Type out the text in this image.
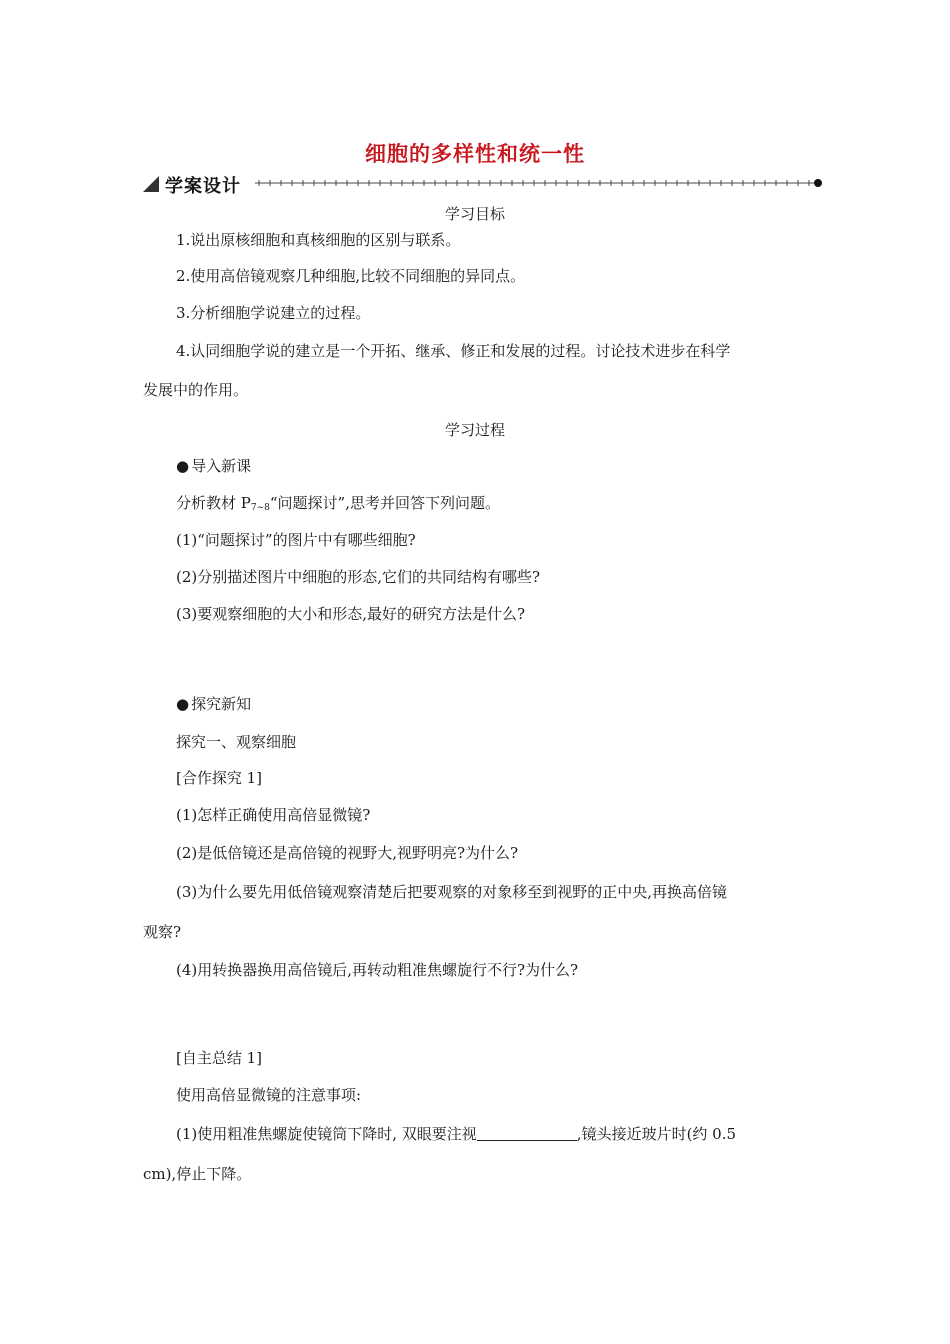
细胞的多样性和统一性
学案设计
学习目标
1.说出原核细胞和真核细胞的区别与联系。
2.使用高倍镜观察几种细胞,比较不同细胞的异同点。
3.分析细胞学说建立的过程。
4.认同细胞学说的建立是一个开拓、继承、修正和发展的过程。讨论技术进步在科学
发展中的作用。
学习过程
● 导入新课
分析教材 $P_{7\sim 8}“$问题探讨”,思考并回答下列问题。
(1)“问题探讨”的图片中有哪些细胞?
(2)分别描述图片中细胞的形态,它们的共同结构有哪些?
(3)要观察细胞的大小和形态,最好的研究方法是什么?
● 探究新知
探究一、观察细胞
[合作探究 1]
(1)怎样正确使用高倍显微镜?
(2)是低倍镜还是高倍镜的视野大,视野明亮?为什么?
(3)为什么要先用低倍镜观察清楚后把要观察的对象移至到视野的正中央,再换高倍镜
观察?
(4)用转换器换用高倍镜后,再转动粗准焦螺旋行不行?为什么?
[自主总结 1]
使用高倍显微镜的注意事项:
(1)使用粗准焦螺旋使镜筒下降时, 双眼要注视	,镜头接近玻片时(约 0.5
cm),停止下降。
